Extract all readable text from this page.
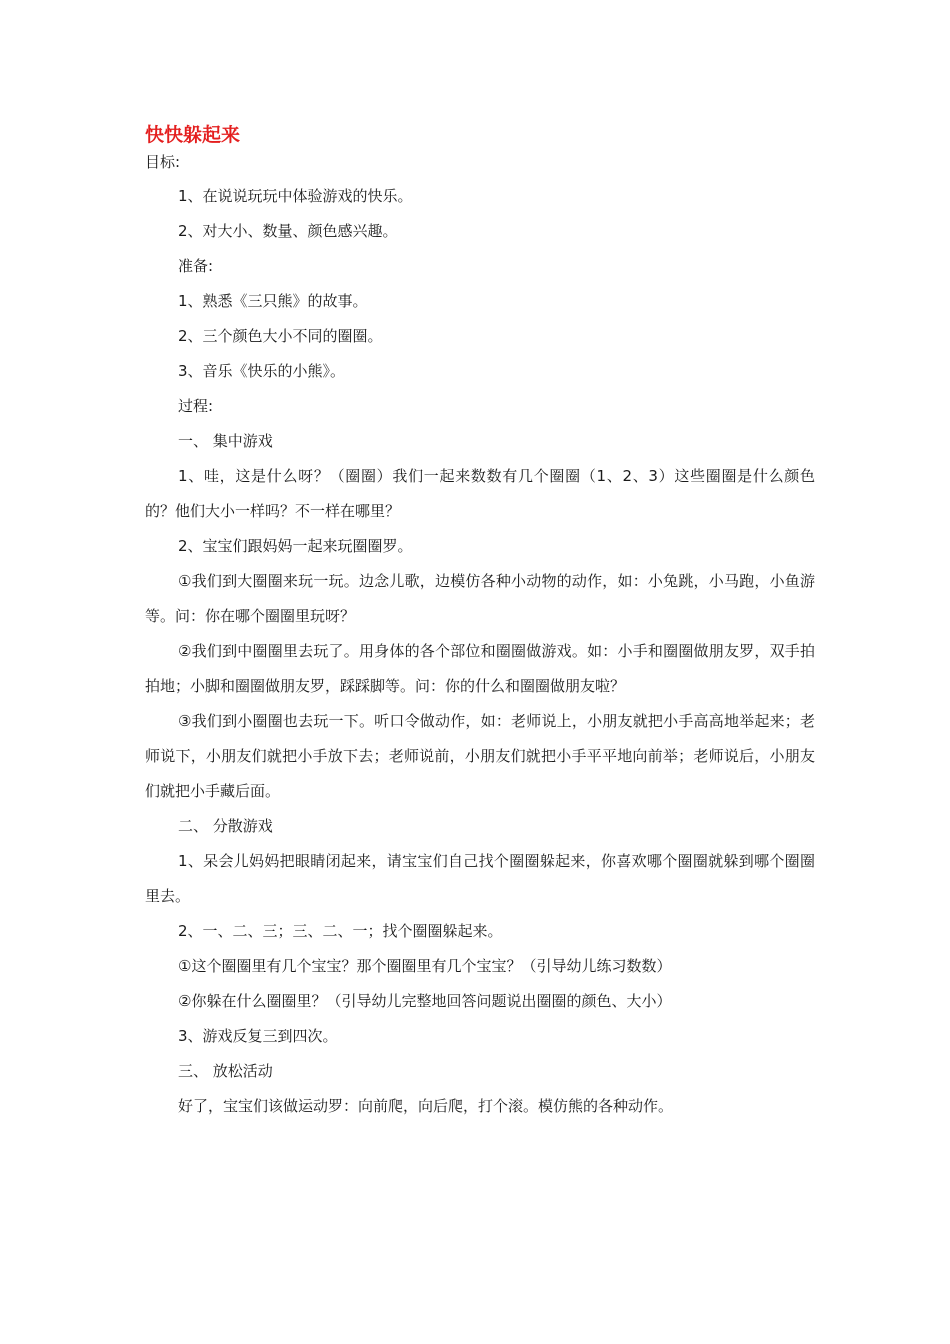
快快躲起来
目标:

1、在说说玩玩中体验游戏的快乐。

2、对大小、数量、颜色感兴趣。

准备:

1、熟悉《三只熊》的故事。

2、三个颜色大小不同的圈圈。

3、音乐《快乐的小熊》。

过程:

一、 集中游戏

1、哇，这是什么呀？（圈圈）我们一起来数数有几个圈圈（1、2、3）这些圈圈是什么颜色的？他们大小一样吗？不一样在哪里？

2、宝宝们跟妈妈一起来玩圈圈罗。

①我们到大圈圈来玩一玩。边念儿歌，边模仿各种小动物的动作，如：小兔跳，小马跑，小鱼游等。问：你在哪个圈圈里玩呀？

②我们到中圈圈里去玩了。用身体的各个部位和圈圈做游戏。如：小手和圈圈做朋友罗，双手拍拍地；小脚和圈圈做朋友罗，踩踩脚等。问：你的什么和圈圈做朋友啦？

③我们到小圈圈也去玩一下。听口令做动作，如：老师说上，小朋友就把小手高高地举起来；老师说下，小朋友们就把小手放下去；老师说前，小朋友们就把小手平平地向前举；老师说后，小朋友们就把小手藏后面。

二、 分散游戏

1、呆会儿妈妈把眼睛闭起来，请宝宝们自己找个圈圈躲起来，你喜欢哪个圈圈就躲到哪个圈圈里去。

2、一、二、三；三、二、一；找个圈圈躲起来。

①这个圈圈里有几个宝宝？那个圈圈里有几个宝宝？（引导幼儿练习数数）

②你躲在什么圈圈里？（引导幼儿完整地回答问题说出圈圈的颜色、大小）

3、游戏反复三到四次。

三、 放松活动

好了，宝宝们该做运动罗：向前爬，向后爬，打个滚。模仿熊的各种动作。
